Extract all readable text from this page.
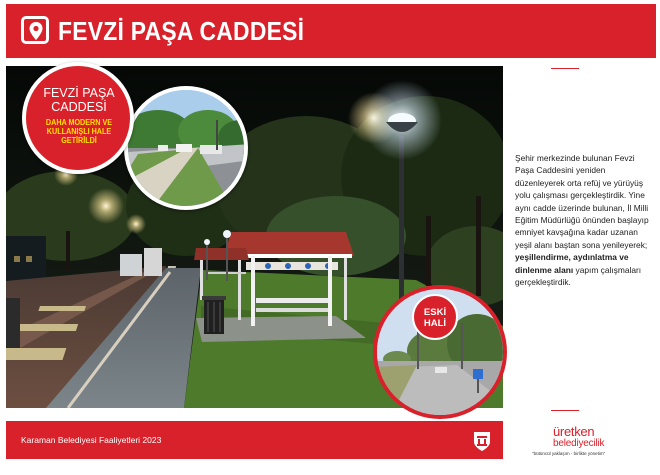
FEVZİ PAŞA CADDESİ
FEVZİ PAŞA
CADDESİ
DAHA MODERN VE
KULLANIŞLI HALE
GETİRİLDİ
ESKİ
HALİ
Şehir merkezinde bulunan Fevzi Paşa Caddesini yeniden düzenleyerek orta refüj ve yürüyüş yolu çalışması gerçekleştirdik. Yine aynı cadde üzerinde bulunan, İl Milli Eğitim Müdürlüğü önünden başlayıp emniyet kavşağına kadar uzanan yeşil alanı baştan sona yenileyerek; yeşillendirme, aydınlatma ve dinlenme alanı yapım çalışmaları gerçekleştirdik.
Karaman Belediyesi Faaliyetleri 2023
üretken
belediyecilik
"bütüncül yaklaşım - birlikte yönetim"
